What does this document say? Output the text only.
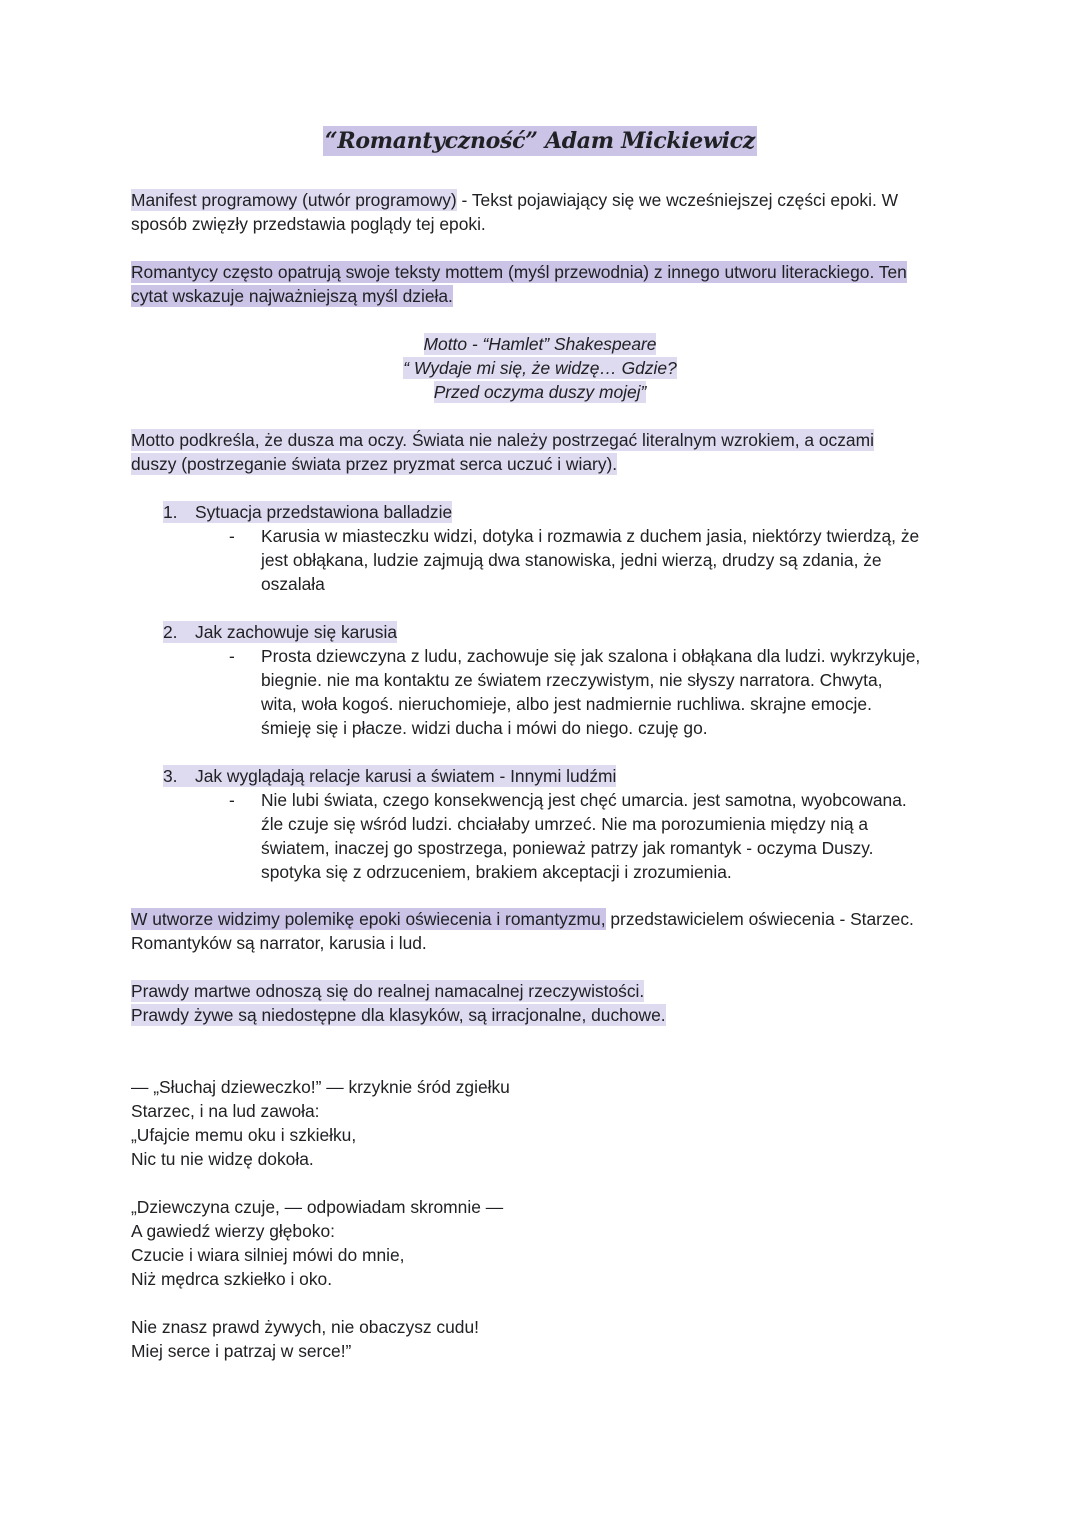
“Romantyczność” Adam Mickiewicz
Manifest programowy (utwór programowy) - Tekst pojawiający się we wcześniejszej części epoki. W
sposób zwięzły przedstawia poglądy tej epoki.
Romantycy często opatrują swoje teksty mottem (myśl przewodnia) z innego utworu literackiego. Ten
cytat wskazuje najważniejszą myśl dzieła.
Motto - “Hamlet” Shakespeare
“ Wydaje mi się, że widzę… Gdzie?
Przed oczyma duszy mojej”
Motto podkreśla, że dusza ma oczy. Świata nie należy postrzegać literalnym wzrokiem, a oczami
duszy (postrzeganie świata przez pryzmat serca uczuć i wiary).
1. Sytuacja przedstawiona balladzie
- Karusia w miasteczku widzi, dotyka i rozmawia z duchem jasia, niektórzy twierdzą, że
jest obłąkana, ludzie zajmują dwa stanowiska, jedni wierzą, drudzy są zdania, że
oszalała
2. Jak zachowuje się karusia
- Prosta dziewczyna z ludu, zachowuje się jak szalona i obłąkana dla ludzi. wykrzykuje,
biegnie. nie ma kontaktu ze światem rzeczywistym, nie słyszy narratora. Chwyta,
wita, woła kogoś. nieruchomieje, albo jest nadmiernie ruchliwa. skrajne emocje.
śmieję się i płacze. widzi ducha i mówi do niego. czuję go.
3. Jak wyglądają relacje karusi a światem - Innymi ludźmi
- Nie lubi świata, czego konsekwencją jest chęć umarcia. jest samotna, wyobcowana.
źle czuje się wśród ludzi. chciałaby umrzeć. Nie ma porozumienia między nią a
światem, inaczej go spostrzega, ponieważ patrzy jak romantyk - oczyma Duszy.
spotyka się z odrzuceniem, brakiem akceptacji i zrozumienia.
W utworze widzimy polemikę epoki oświecenia i romantyzmu, przedstawicielem oświecenia - Starzec.
Romantyków są narrator, karusia i lud.
Prawdy martwe odnoszą się do realnej namacalnej rzeczywistości.
Prawdy żywe są niedostępne dla klasyków, są irracjonalne, duchowe.
— „Słuchaj dzieweczko!” — krzyknie śród zgiełku
Starzec, i na lud zawoła:
„Ufajcie memu oku i szkiełku,
Nic tu nie widzę dokoła.
„Dziewczyna czuje, — odpowiadam skromnie —
A gawiedź wierzy głęboko:
Czucie i wiara silniej mówi do mnie,
Niż mędrca szkiełko i oko.
Nie znasz prawd żywych, nie obaczysz cudu!
Miej serce i patrzaj w serce!”
